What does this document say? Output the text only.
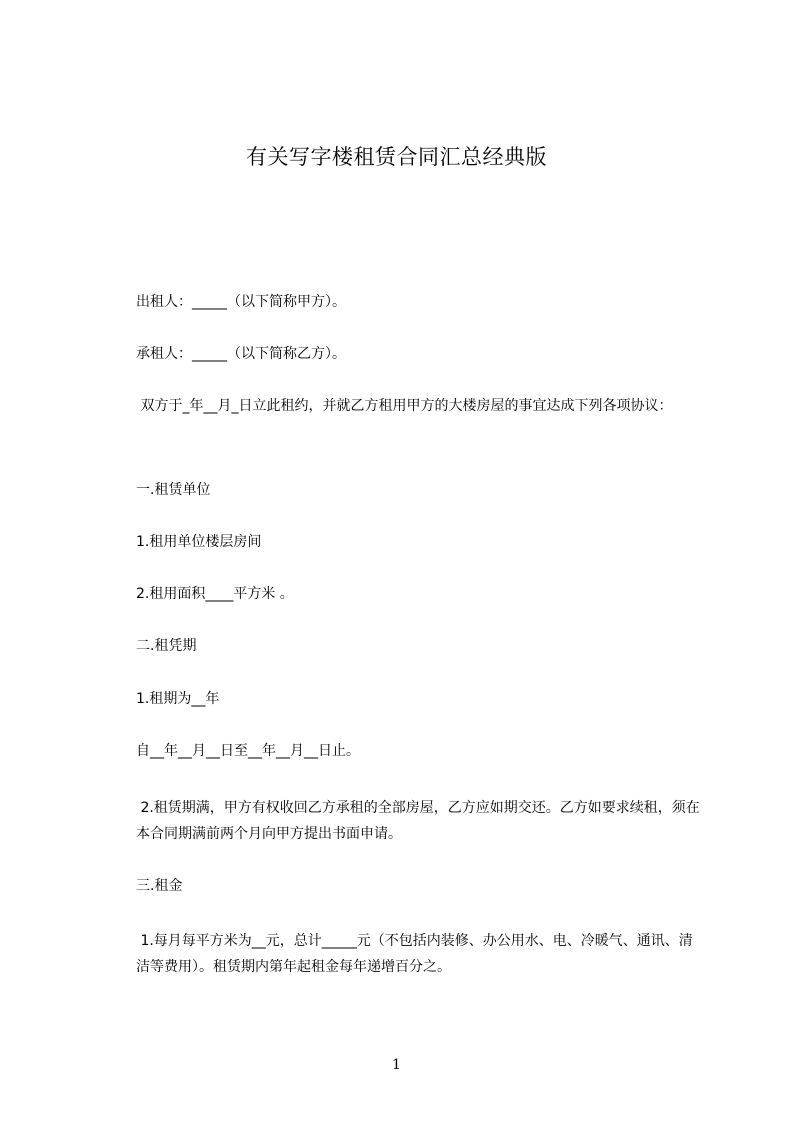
有关写字楼租赁合同汇总经典版
出租人：_____（以下简称甲方）。
承租人：_____（以下简称乙方）。
双方于_年__月_日立此租约，并就乙方租用甲方的大楼房屋的事宜达成下列各项协议：
一.租赁单位
1.租用单位楼层房间
2.租用面积____平方米 。
二.租凭期
1.租期为__年
自__年__月__日至__年__月__日止。
2.租赁期满，甲方有权收回乙方承租的全部房屋，乙方应如期交还。乙方如要求续租，须在本合同期满前两个月向甲方提出书面申请。
三.租金
1.每月每平方米为__元，总计_____元（不包括内装修、办公用水、电、冷暖气、通讯、清洁等费用）。租赁期内第年起租金每年递增百分之。
1
